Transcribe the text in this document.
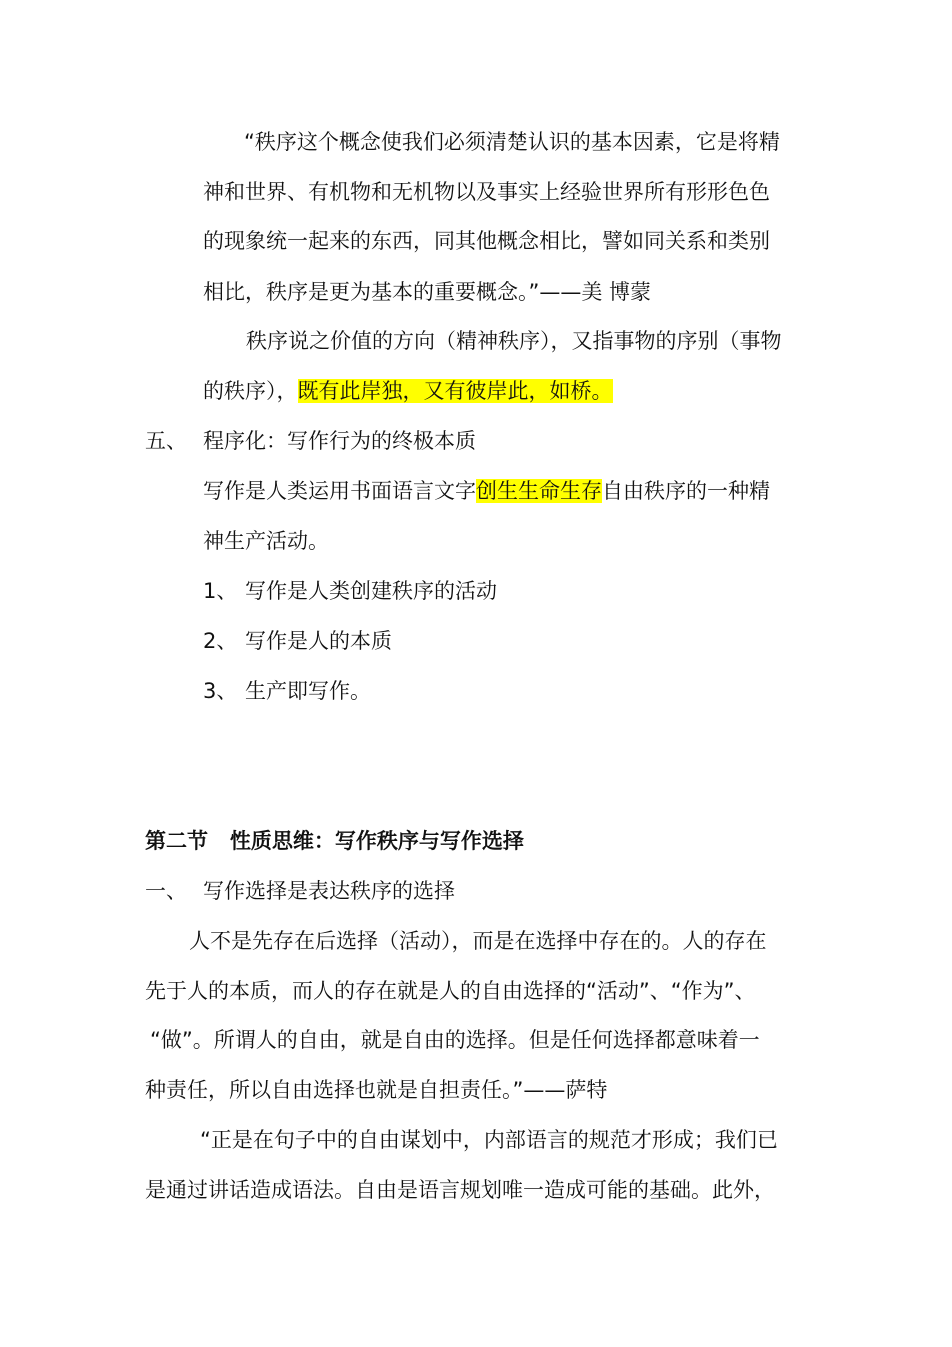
“秩序这个概念使我们必须清楚认识的基本因素，它是将精
神和世界、有机物和无机物以及事实上经验世界所有形形色色
的现象统一起来的东西，同其他概念相比，譬如同关系和类别
相比，秩序是更为基本的重要概念。”——美 博蒙
秩序说之价值的方向（精神秩序），又指事物的序别（事物
的秩序），既有此岸独，又有彼岸此，如桥。
五、 程序化：写作行为的终极本质
写作是人类运用书面语言文字创生生命生存自由秩序的一种精
神生产活动。
1、 写作是人类创建秩序的活动
2、 写作是人的本质
3、 生产即写作。
第二节   性质思维：写作秩序与写作选择
一、 写作选择是表达秩序的选择
人不是先存在后选择（活动），而是在选择中存在的。人的存在
先于人的本质，而人的存在就是人的自由选择的“活动”、“作为”、
“做”。所谓人的自由，就是自由的选择。但是任何选择都意味着一
种责任，所以自由选择也就是自担责任。”——萨特
“正是在句子中的自由谋划中，内部语言的规范才形成；我们已
是通过讲话造成语法。自由是语言规划唯一造成可能的基础。此外，
